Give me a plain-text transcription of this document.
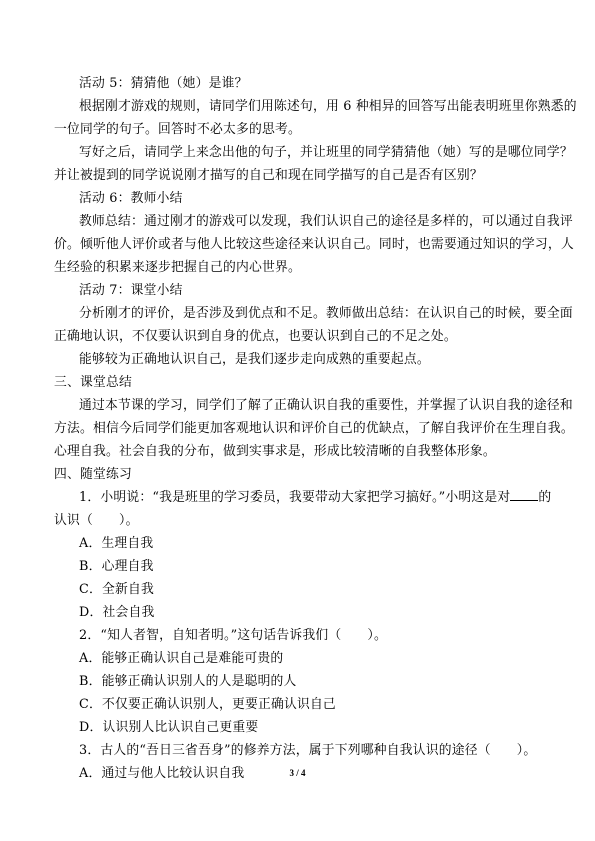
活动 5：猜猜他（她）是谁？
根据刚才游戏的规则，请同学们用陈述句，用 6 种相异的回答写出能表明班里你熟悉的
一位同学的句子。回答时不必太多的思考。
写好之后，请同学上来念出他的句子，并让班里的同学猜猜他（她）写的是哪位同学？
并让被提到的同学说说刚才描写的自己和现在同学描写的自己是否有区别？
活动 6：教师小结
教师总结：通过刚才的游戏可以发现，我们认识自己的途径是多样的，可以通过自我评
价。倾听他人评价或者与他人比较这些途径来认识自己。同时，也需要通过知识的学习，人
生经验的积累来逐步把握自己的内心世界。
活动 7：课堂小结
分析刚才的评价，是否涉及到优点和不足。教师做出总结：在认识自己的时候，要全面
正确地认识，不仅要认识到自身的优点，也要认识到自己的不足之处。
能够较为正确地认识自己，是我们逐步走向成熟的重要起点。
三、课堂总结
通过本节课的学习，同学们了解了正确认识自我的重要性，并掌握了认识自我的途径和
方法。相信今后同学们能更加客观地认识和评价自己的优缺点，了解自我评价在生理自我。
心理自我。社会自我的分布，做到实事求是，形成比较清晰的自我整体形象。
四、随堂练习
1．小明说：“我是班里的学习委员，我要带动大家把学习搞好。”小明这是对 的
认识（　　）。
A．生理自我
B．心理自我
C．全新自我
D．社会自我
2．“知人者智，自知者明。”这句话告诉我们（　　）。
A．能够正确认识自己是难能可贵的
B．能够正确认识别人的人是聪明的人
C．不仅要正确认识别人，更要正确认识自己
D．认识别人比认识自己更重要
3．古人的“吾日三省吾身”的修养方法，属于下列哪种自我认识的途径（　　）。
A．通过与他人比较认识自我	3 / 4
